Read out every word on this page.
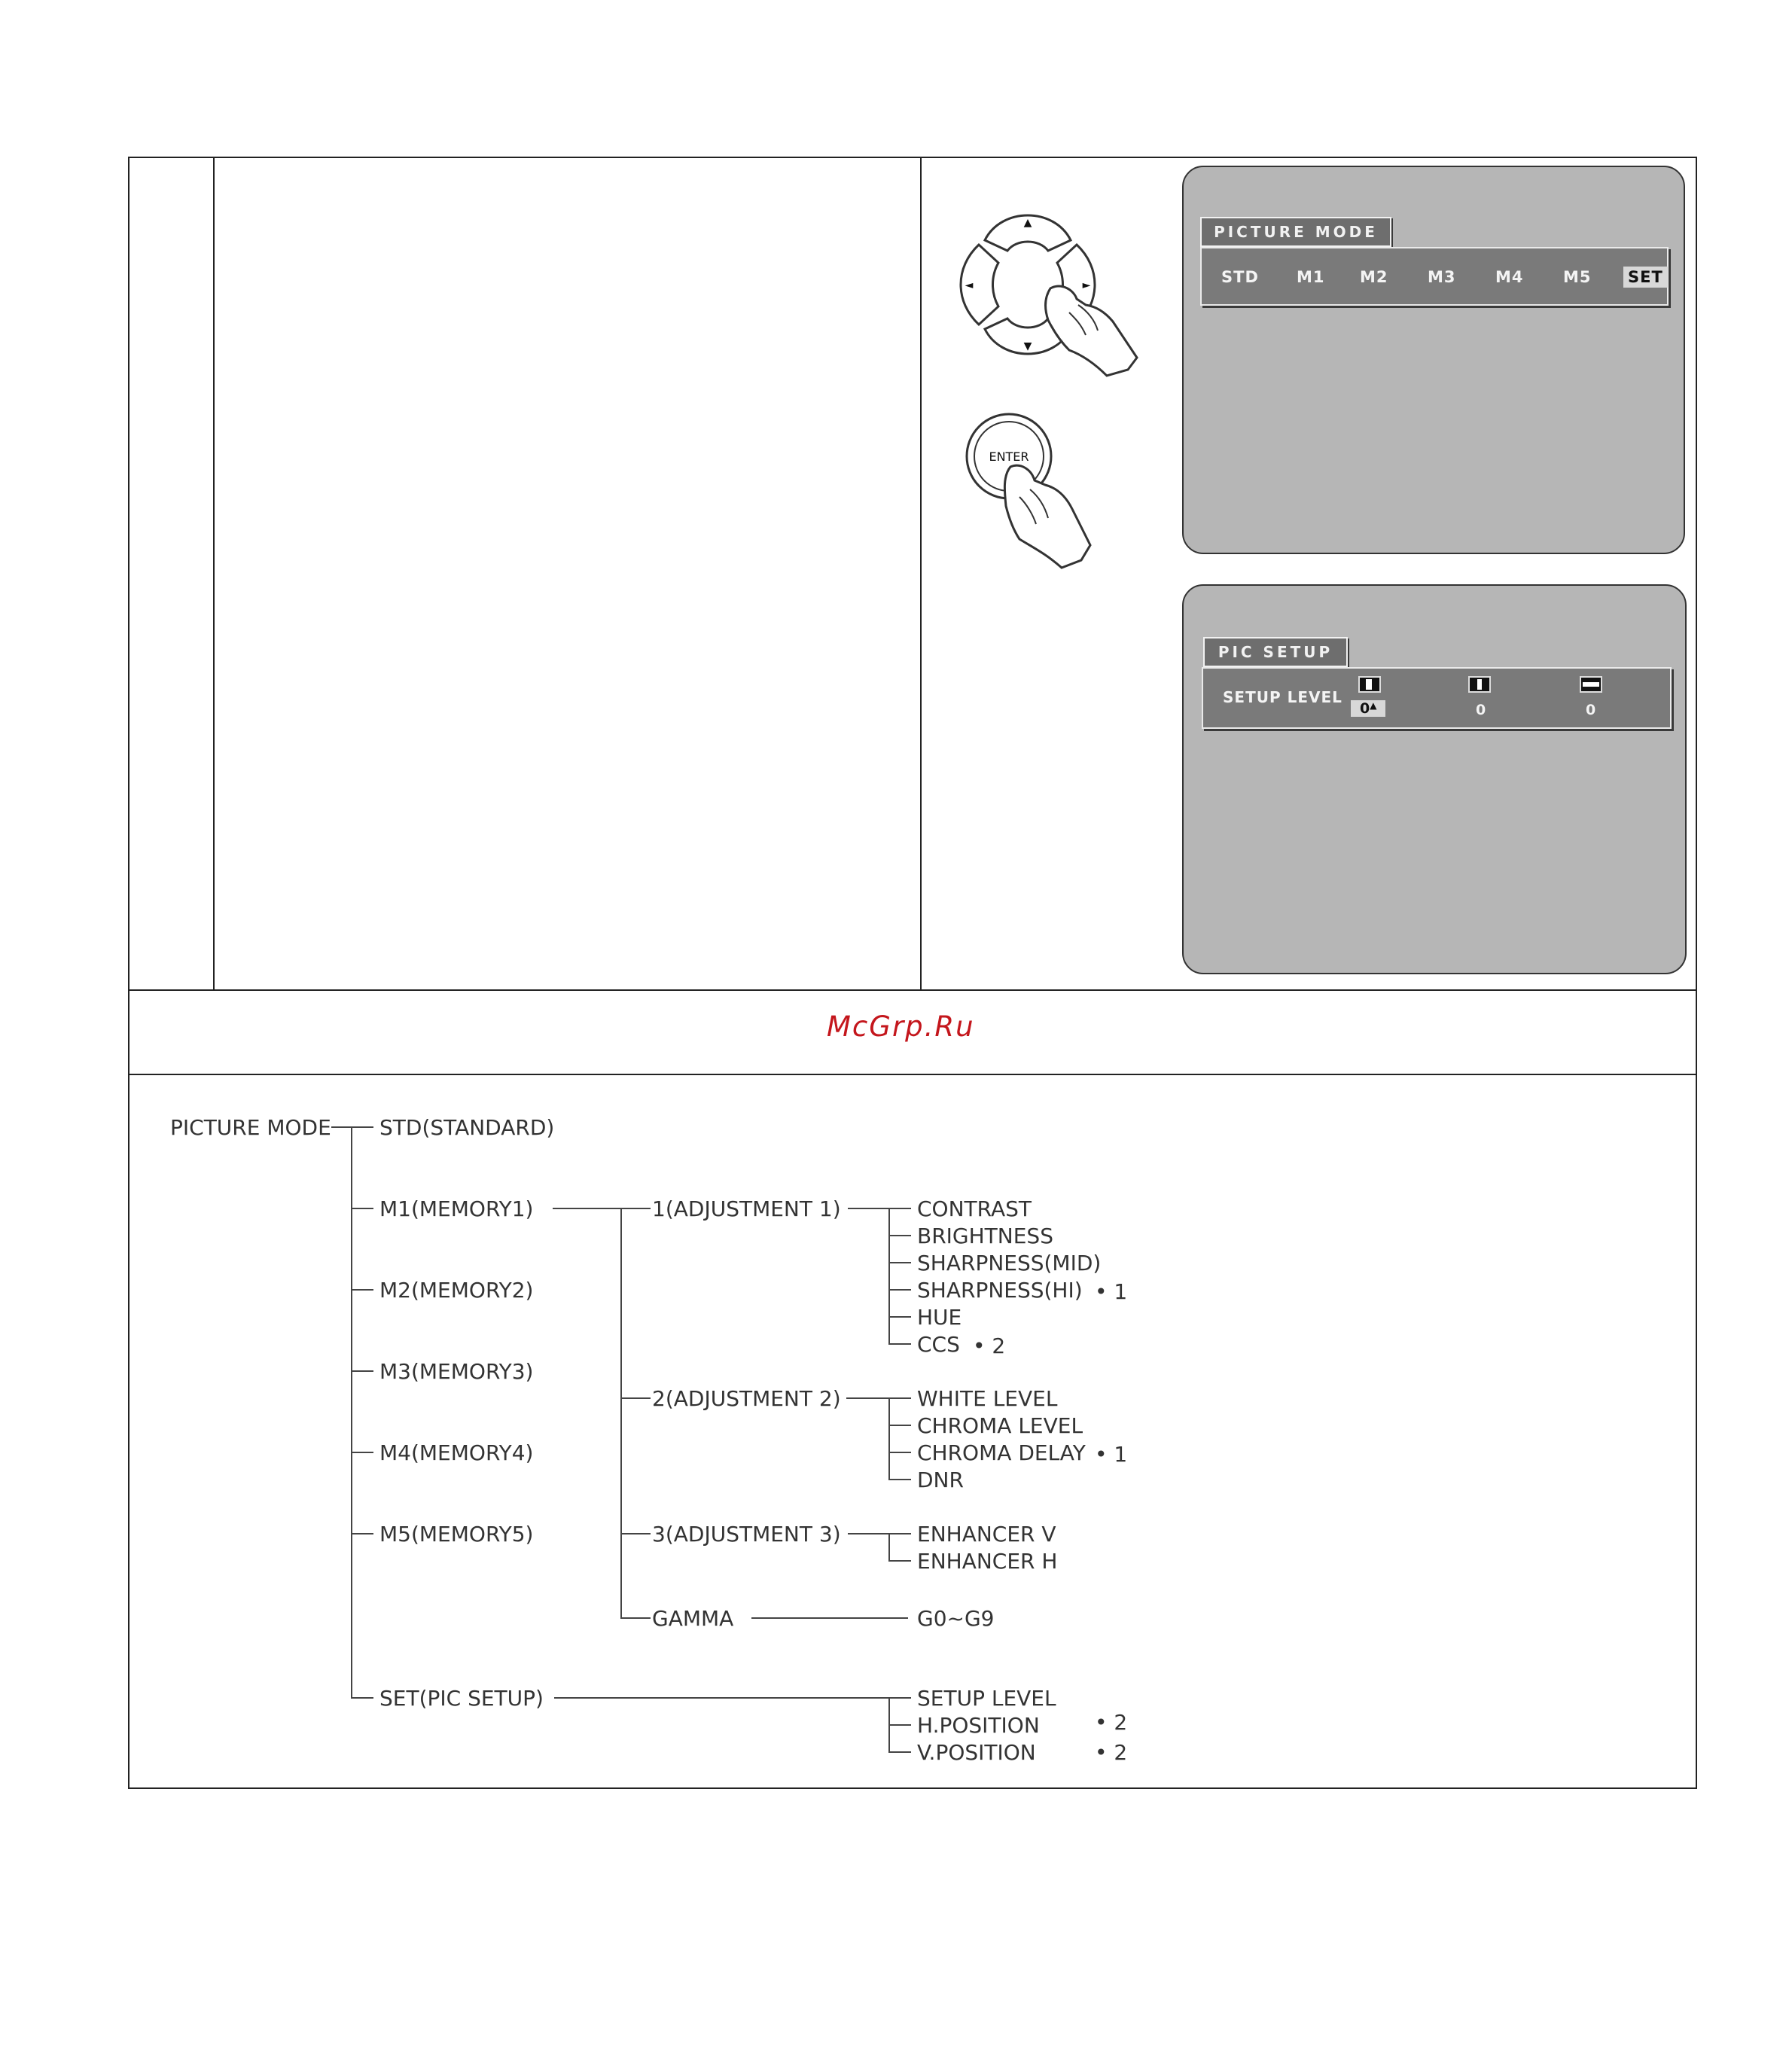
▲
▼
◄	►
ENTER
PICTURE MODE
STD M1 M2 M3 M4 M5 SET
PIC SETUP
SETUP LEVEL
0▲	0	0
McGrp.Ru
PICTURE MODE STD(STANDARD)
M1(MEMORY1)
M2(MEMORY2)
M3(MEMORY3)
M4(MEMORY4)
M5(MEMORY5)
SET(PIC SETUP)
1(ADJUSTMENT 1)
2(ADJUSTMENT 2)
3(ADJUSTMENT 3)
GAMMA
CONTRAST
BRIGHTNESS
SHARPNESS(MID)
SHARPNESS(HI) • 1
HUE
CCS • 2
WHITE LEVEL
CHROMA LEVEL
CHROMA DELAY • 1
DNR
ENHANCER V
ENHANCER H
G0~G9
SETUP LEVEL
H.POSITION	• 2
V.POSITION	• 2
